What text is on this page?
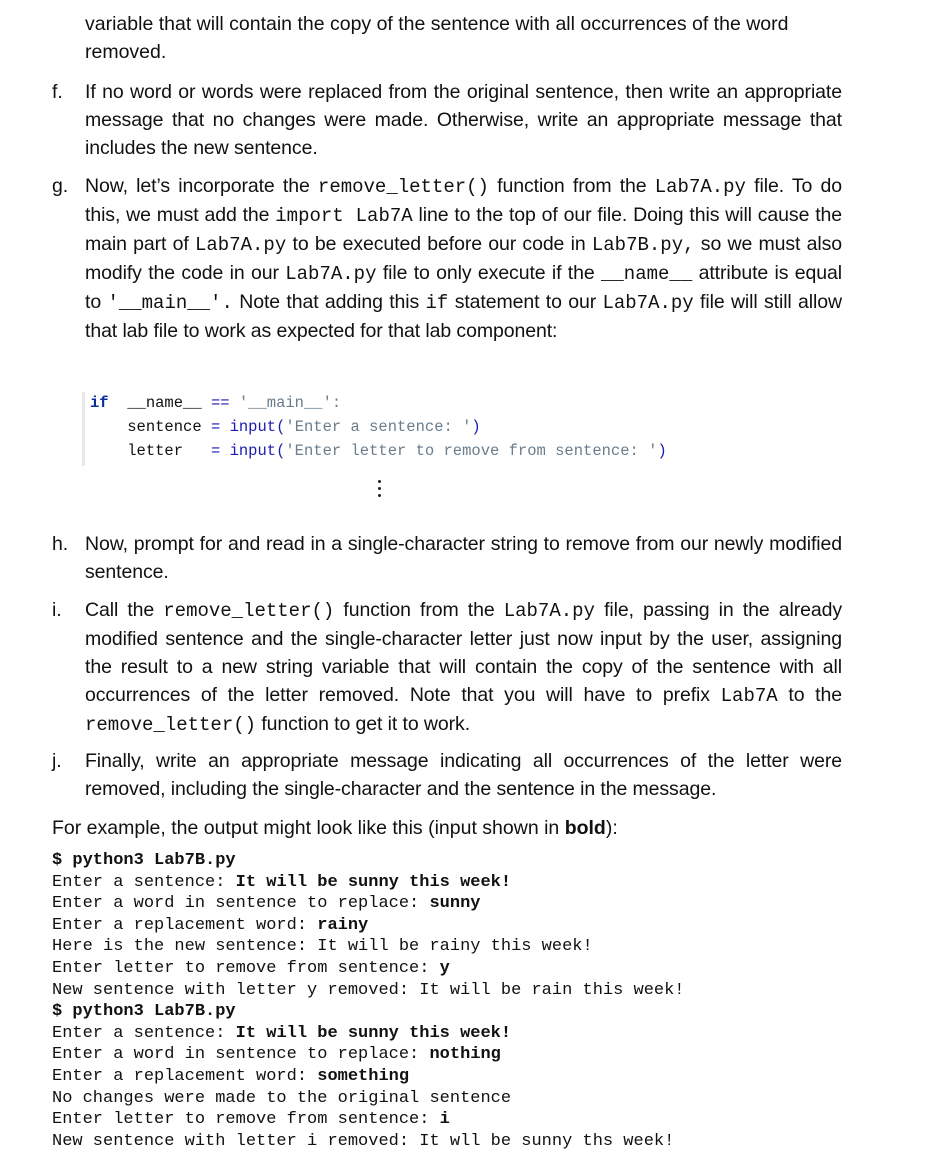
variable that will contain the copy of the sentence with all occurrences of the word
removed.
f.	If no word or words were replaced from the original sentence, then write an appropriate message that no changes were made. Otherwise, write an appropriate message that includes the new sentence.
g. Now, let’s incorporate the remove_letter() function from the Lab7A.py file. To do this, we must add the import Lab7A line to the top of our file. Doing this will cause the main part of Lab7A.py to be executed before our code in Lab7B.py, so we must also modify the code in our Lab7A.py file to only execute if the __name__ attribute is equal to '__main__'. Note that adding this if statement to our Lab7A.py file will still allow that lab file to work as expected for that lab component:
if __name__ == '__main__':
sentence = input('Enter a sentence: ')
letter = input('Enter letter to remove from sentence: ')
h. Now, prompt for and read in a single-character string to remove from our newly modified sentence.
i.	Call the remove_letter() function from the Lab7A.py file, passing in the already modified sentence and the single-character letter just now input by the user, assigning the result to a new string variable that will contain the copy of the sentence with all occurrences of the letter removed. Note that you will have to prefix Lab7A to the remove_letter() function to get it to work.
j.	Finally, write an appropriate message indicating all occurrences of the letter were removed, including the single-character and the sentence in the message.
For example, the output might look like this (input shown in bold):
$ python3 Lab7B.py
Enter a sentence: It will be sunny this week!
Enter a word in sentence to replace: sunny
Enter a replacement word: rainy
Here is the new sentence: It will be rainy this week!
Enter letter to remove from sentence: y
New sentence with letter y removed: It will be rain this week!
$ python3 Lab7B.py
Enter a sentence: It will be sunny this week!
Enter a word in sentence to replace: nothing
Enter a replacement word: something
No changes were made to the original sentence
Enter letter to remove from sentence: i
New sentence with letter i removed: It wll be sunny ths week!
